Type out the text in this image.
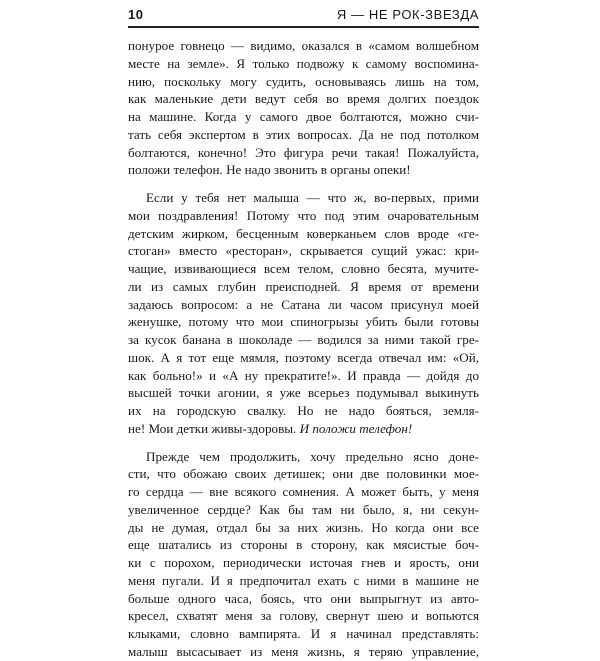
10	Я — НЕ РОК-ЗВЕЗДА
понурое говнецо — видимо, оказался в «самом волшебном
месте на земле». Я только подвожу к самому воспомина-
нию, поскольку могу судить, основываясь лишь на том,
как маленькие дети ведут себя во время долгих поездок
на машине. Когда у самого двое болтаются, можно счи-
тать себя экспертом в этих вопросах. Да не под потолком
болтаются, конечно! Это фигура речи такая! Пожалуйста,
положи телефон. Не надо звонить в органы опеки!
Если у тебя нет малыша — что ж, во-первых, прими
мои поздравления! Потому что под этим очаровательным
детским жирком, бесценным коверканьем слов вроде «ге-
стоган» вместо «ресторан», скрывается сущий ужас: кри-
чащие, извивающиеся всем телом, словно бесята, мучите-
ли из самых глубин преисподней. Я время от времени
задаюсь вопросом: а не Сатана ли часом присунул моей
женушке, потому что мои спиногрызы убить были готовы
за кусок банана в шоколаде — водился за ними такой гре-
шок. А я тот еще мямля, поэтому всегда отвечал им: «Ой,
как больно!» и «А ну прекратите!». И правда — дойдя до
высшей точки агонии, я уже всерьез подумывал выкинуть
их на городскую свалку. Но не надо бояться, земля-
не! Мои детки живы-здоровы. И положи телефон!
Прежде чем продолжить, хочу предельно ясно доне-
сти, что обожаю своих детишек; они две половинки мое-
го сердца — вне всякого сомнения. А может быть, у меня
увеличенное сердце? Как бы там ни было, я, ни секун-
ды не думая, отдал бы за них жизнь. Но когда они все
еще шатались из стороны в сторону, как мясистые боч-
ки с порохом, периодически источая гнев и ярость, они
меня пугали. И я предпочитал ехать с ними в машине не
больше одного часа, боясь, что они выпрыгнут из авто-
кресел, схватят меня за голову, свернут шею и вопьются
клыками, словно вампирята. И я начинал представлять:
малыш высасывает из меня жизнь, я теряю управление,
